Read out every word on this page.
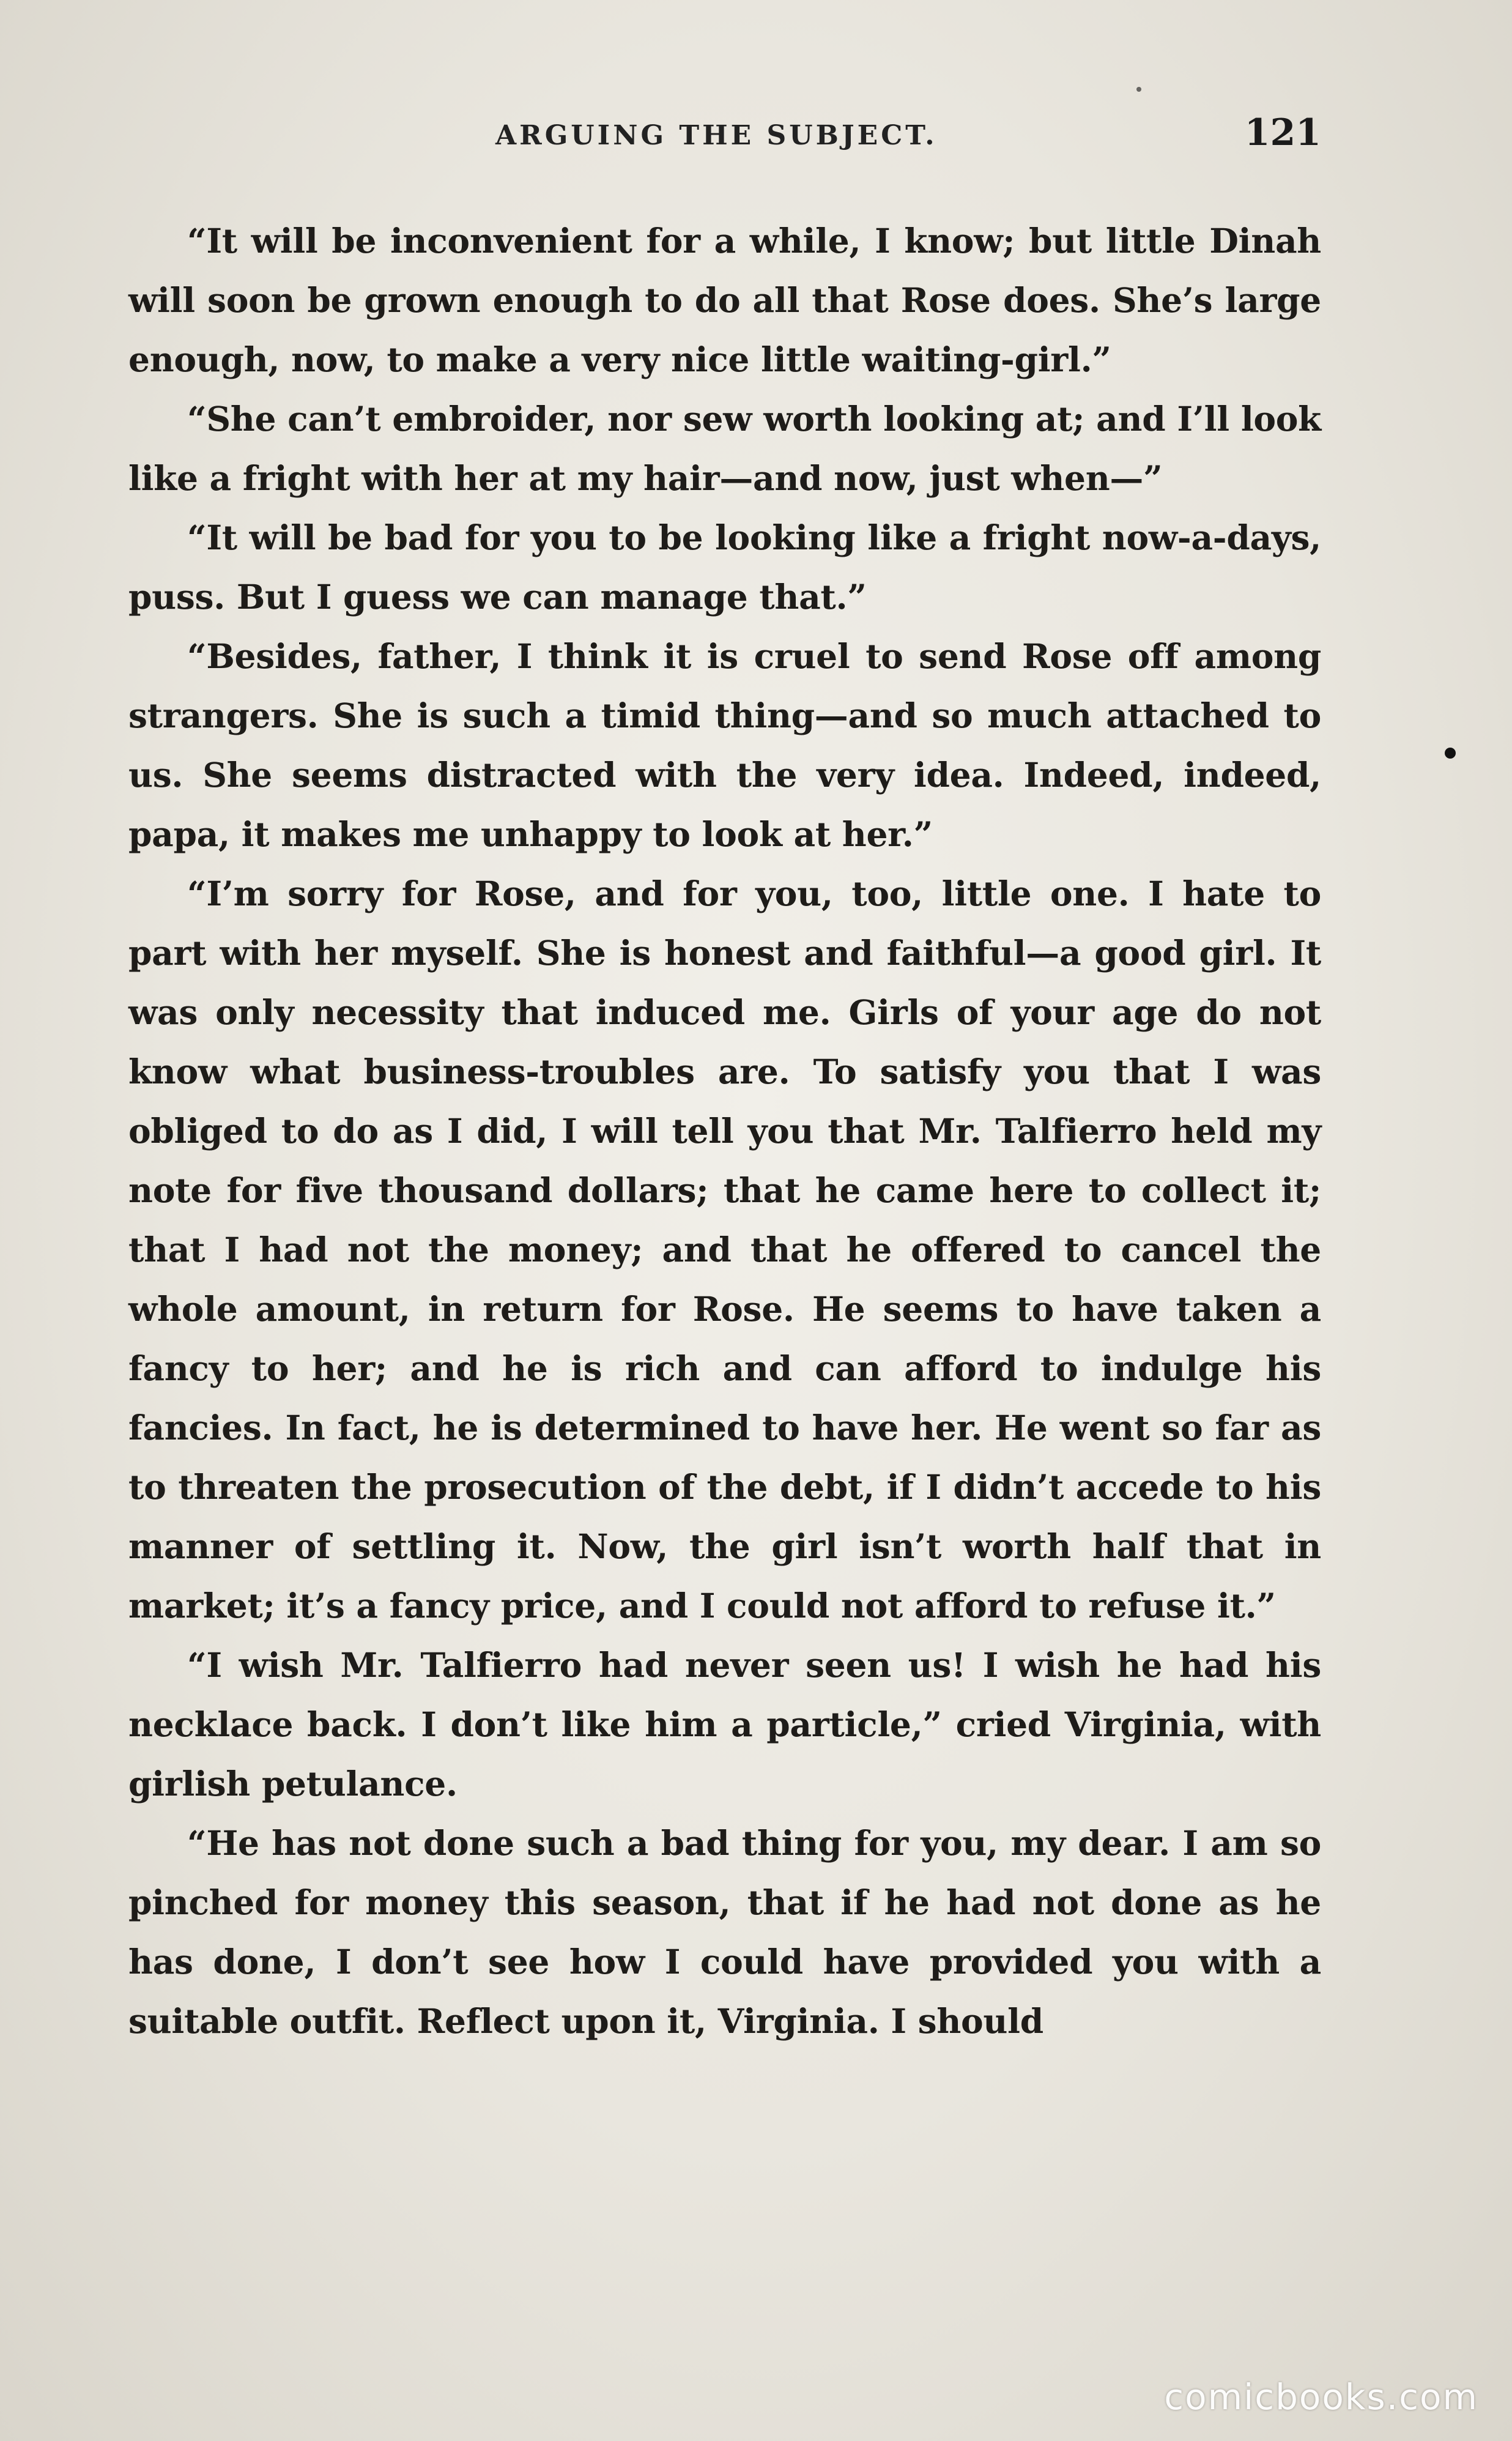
ARGUING THE SUBJECT.	121

“It will be inconvenient for a while, I know; but little Dinah will soon be grown enough to do all that Rose does. She’s large enough, now, to make a very nice little waiting-girl.”

“She can’t embroider, nor sew worth looking at; and I’ll look like a fright with her at my hair—and now, just when—”

“It will be bad for you to be looking like a fright now-a-days, puss. But I guess we can manage that.”

“Besides, father, I think it is cruel to send Rose off among strangers. She is such a timid thing—and so much attached to us. She seems distracted with the very idea. Indeed, indeed, papa, it makes me unhappy to look at her.”

“I’m sorry for Rose, and for you, too, little one. I hate to part with her myself. She is honest and faithful—a good girl. It was only necessity that induced me. Girls of your age do not know what business-troubles are. To satisfy you that I was obliged to do as I did, I will tell you that Mr. Talfierro held my note for five thousand dollars; that he came here to collect it; that I had not the money; and that he offered to cancel the whole amount, in return for Rose. He seems to have taken a fancy to her; and he is rich and can afford to indulge his fancies. In fact, he is determined to have her. He went so far as to threaten the prosecution of the debt, if I didn’t accede to his manner of settling it. Now, the girl isn’t worth half that in market; it’s a fancy price, and I could not afford to refuse it.”

“I wish Mr. Talfierro had never seen us! I wish he had his necklace back. I don’t like him a particle,” cried Virginia, with girlish petulance.

“He has not done such a bad thing for you, my dear. I am so pinched for money this season, that if he had not done as he has done, I don’t see how I could have provided you with a suitable outfit. Reflect upon it, Virginia. I should

comicbooks.com
